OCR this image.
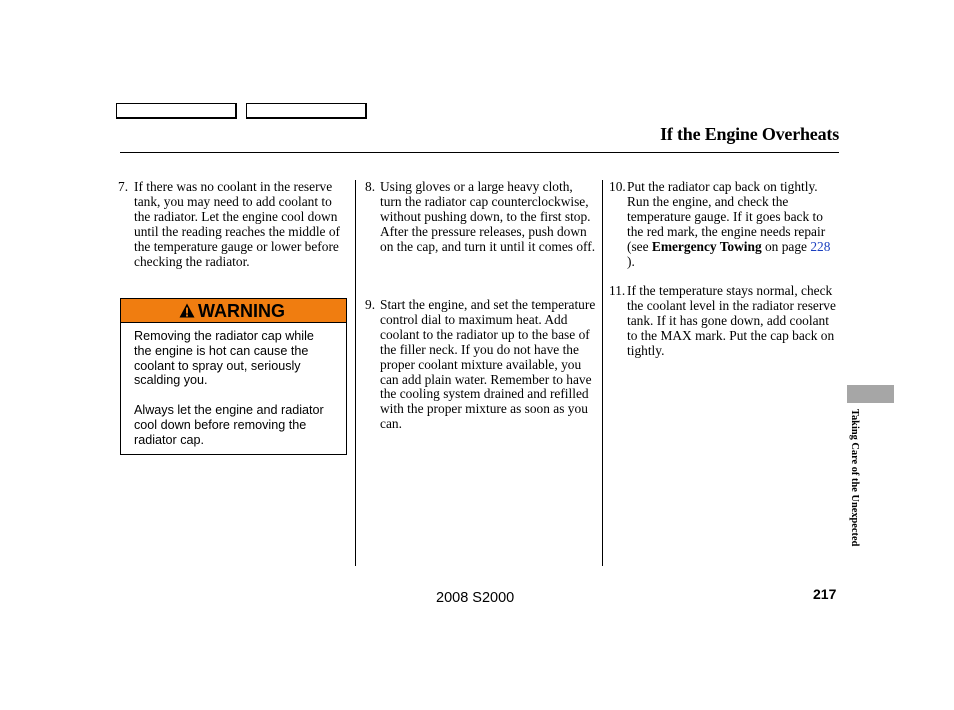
If the Engine Overheats
7. If there was no coolant in the reserve tank, you may need to add coolant to the radiator. Let the engine cool down until the reading reaches the middle of the temperature gauge or lower before checking the radiator.
WARNING

Removing the radiator cap while the engine is hot can cause the coolant to spray out, seriously scalding you.

Always let the engine and radiator cool down before removing the radiator cap.

8. Using gloves or a large heavy cloth, turn the radiator cap counterclockwise, without pushing down, to the first stop. After the pressure releases, push down on the cap, and turn it until it comes off.
9. Start the engine, and set the temperature control dial to maximum heat. Add coolant to the radiator up to the base of the filler neck. If you do not have the proper coolant mixture available, you can add plain water. Remember to have the cooling system drained and refilled with the proper mixture as soon as you can.
10. Put the radiator cap back on tightly. Run the engine, and check the temperature gauge. If it goes back to the red mark, the engine needs repair (see Emergency Towing on page 228 ).
11. If the temperature stays normal, check the coolant level in the radiator reserve tank. If it has gone down, add coolant to the MAX mark. Put the cap back on tightly.
Taking Care of the Unexpected
2008 S2000	217
